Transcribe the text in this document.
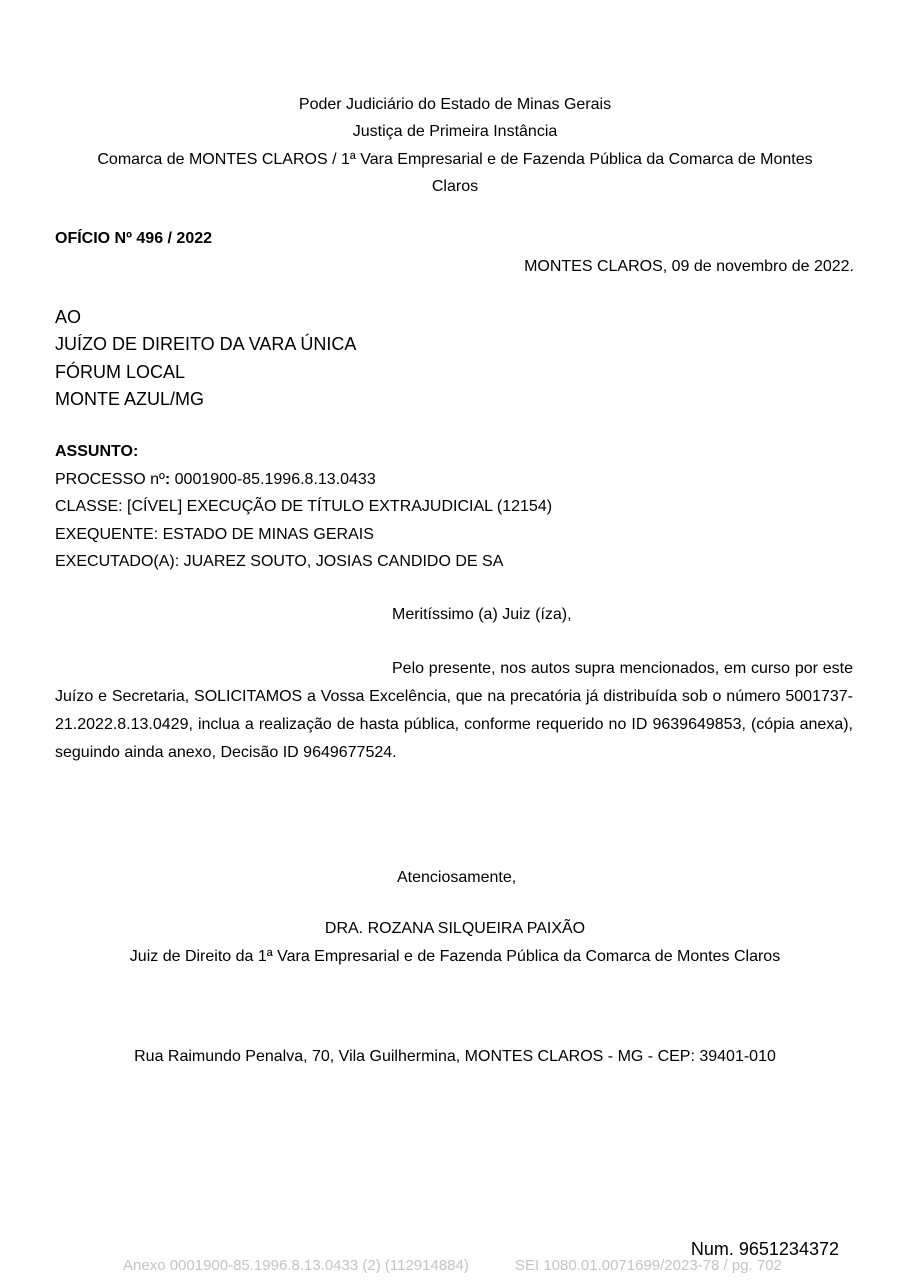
Poder Judiciário do Estado de Minas Gerais
Justiça de Primeira Instância
Comarca de MONTES CLAROS / 1ª Vara Empresarial e de Fazenda Pública da Comarca de Montes
Claros
OFÍCIO Nº 496 / 2022
MONTES CLAROS, 09 de novembro de 2022.
AO
JUÍZO DE DIREITO DA VARA ÚNICA
FÓRUM LOCAL
MONTE AZUL/MG
ASSUNTO:
PROCESSO nº: 0001900-85.1996.8.13.0433
CLASSE: [CÍVEL] EXECUÇÃO DE TÍTULO EXTRAJUDICIAL (12154)
EXEQUENTE: ESTADO DE MINAS GERAIS
EXECUTADO(A): JUAREZ SOUTO, JOSIAS CANDIDO DE SA
Meritíssimo (a) Juiz (íza),
Pelo presente, nos autos supra mencionados, em curso por este Juízo e Secretaria, SOLICITAMOS a Vossa Excelência, que na precatória já distribuída sob o número 5001737-21.2022.8.13.0429, inclua a realização de hasta pública, conforme requerido no ID 9639649853, (cópia anexa), seguindo ainda anexo, Decisão ID 9649677524.
Atenciosamente,
DRA. ROZANA SILQUEIRA PAIXÃO
Juiz de Direito da 1ª Vara Empresarial e de Fazenda Pública da Comarca de Montes Claros
Rua Raimundo Penalva, 70, Vila Guilhermina, MONTES CLAROS - MG - CEP: 39401-010
Num. 9651234372
Anexo 0001900-85.1996.8.13.0433 (2) (112914884)	SEI 1080.01.0071699/2023-78 / pg. 702
